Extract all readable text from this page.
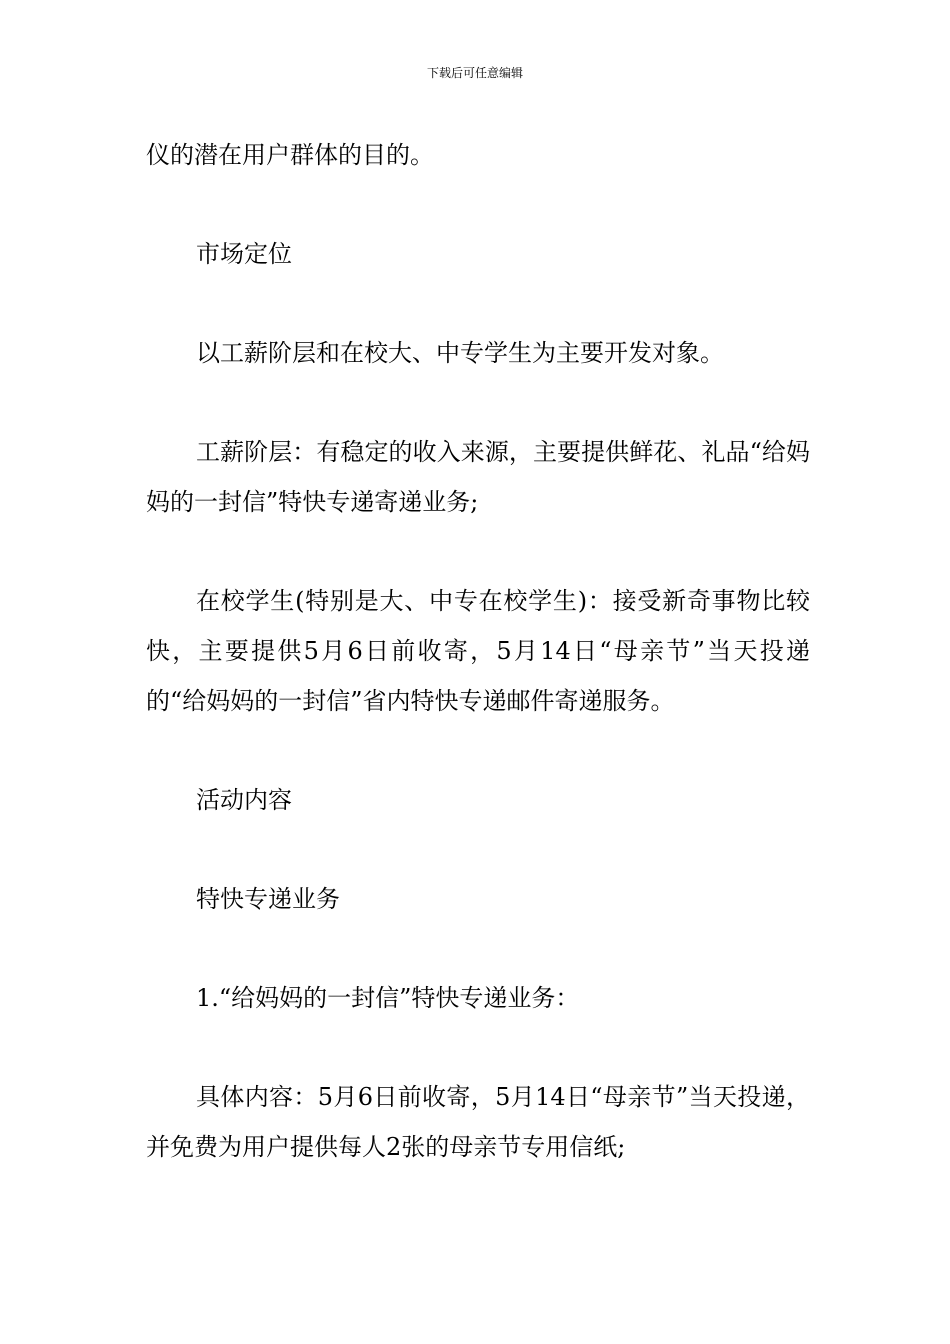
下载后可任意编辑

仪的潜在用户群体的目的。

市场定位

以工薪阶层和在校大、中专学生为主要开发对象。

工薪阶层：有稳定的收入来源，主要提供鲜花、礼品“给妈妈的一封信”特快专递寄递业务;

在校学生(特别是大、中专在校学生)：接受新奇事物比较快，主要提供5月6日前收寄，5月14日“母亲节”当天投递的“给妈妈的一封信”省内特快专递邮件寄递服务。

活动内容

特快专递业务

1.“给妈妈的一封信”特快专递业务：

具体内容：5月6日前收寄，5月14日“母亲节”当天投递，并免费为用户提供每人2张的母亲节专用信纸;
